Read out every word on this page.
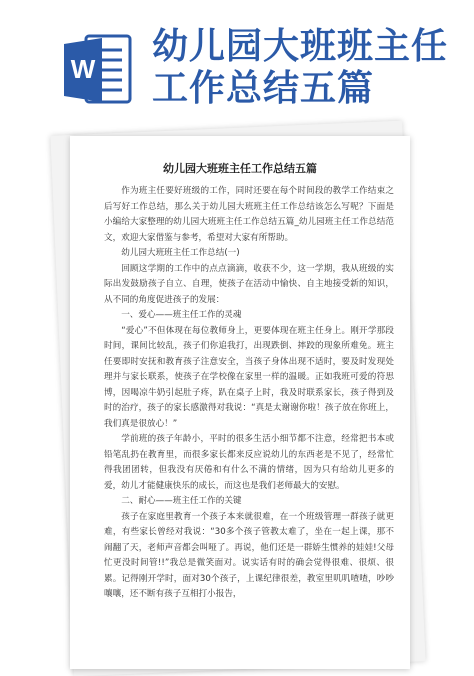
W
幼儿园大班班主任
工作总结五篇
幼儿园大班班主任工作总结五篇

作为班主任要好班级的工作，同时还要在每个时间段的教学工作结束之后写好工作总结，那么关于幼儿园大班班主任工作总结该怎么写呢？下面是小编给大家整理的幼儿园大班班主任工作总结五篇_幼儿园班主任工作总结范文，欢迎大家借鉴与参考，希望对大家有所帮助。

幼儿园大班班主任工作总结(一)

回顾这学期的工作中的点点滴滴，收获不少，这一学期，我从班级的实际出发鼓励孩子自立、自理，使孩子在活动中愉快、自主地接受新的知识，从不同的角度促进孩子的发展：

一、爱心——班主任工作的灵魂

“爱心”不但体现在每位教师身上，更要体现在班主任身上。刚开学那段时间，课间比较乱，孩子们你追我打，出现跌倒、摔跤的现象所难免。班主任要即时安抚和教育孩子注意安全，当孩子身体出现不适时，要及时发现处理并与家长联系，使孩子在学校像在家里一样的温暖。正如我班可爱的符思博，因喝凉牛奶引起肚子疼，趴在桌子上时，我及时联系家长，孩子得到及时的治疗，孩子的家长感激得对我说：“真是太谢谢你啦！孩子放在你班上，我们真是很放心！”

学前班的孩子年龄小，平时的很多生活小细节都不注意，经常把书本或铅笔乱扔在教育里，而很多家长都来反应说幼儿的东西老是不见了，经常忙得我团团转，但我没有厌倦和有什么不满的情绪，因为只有给幼儿更多的爱，幼儿才能健康快乐的成长，而这也是我们老师最大的安慰。

二、耐心——班主任工作的关键

孩子在家庭里教育一个孩子本来就很难，在一个班级管理一群孩子就更难，有些家长曾经对我说：“30多个孩子管教太难了，坐在一起上课，那不闹翻了天，老师声音都会叫哑了。再说，他们还是一群娇生惯养的娃娃!父母忙更没时间管!!”我总是微笑面对。说实话有时的确会觉得很难、很烦、很累。记得刚开学时，面对30个孩子，上课纪律很差，教室里叽叽喳喳，吵吵嚷嚷，还不断有孩子互相打小报告，
